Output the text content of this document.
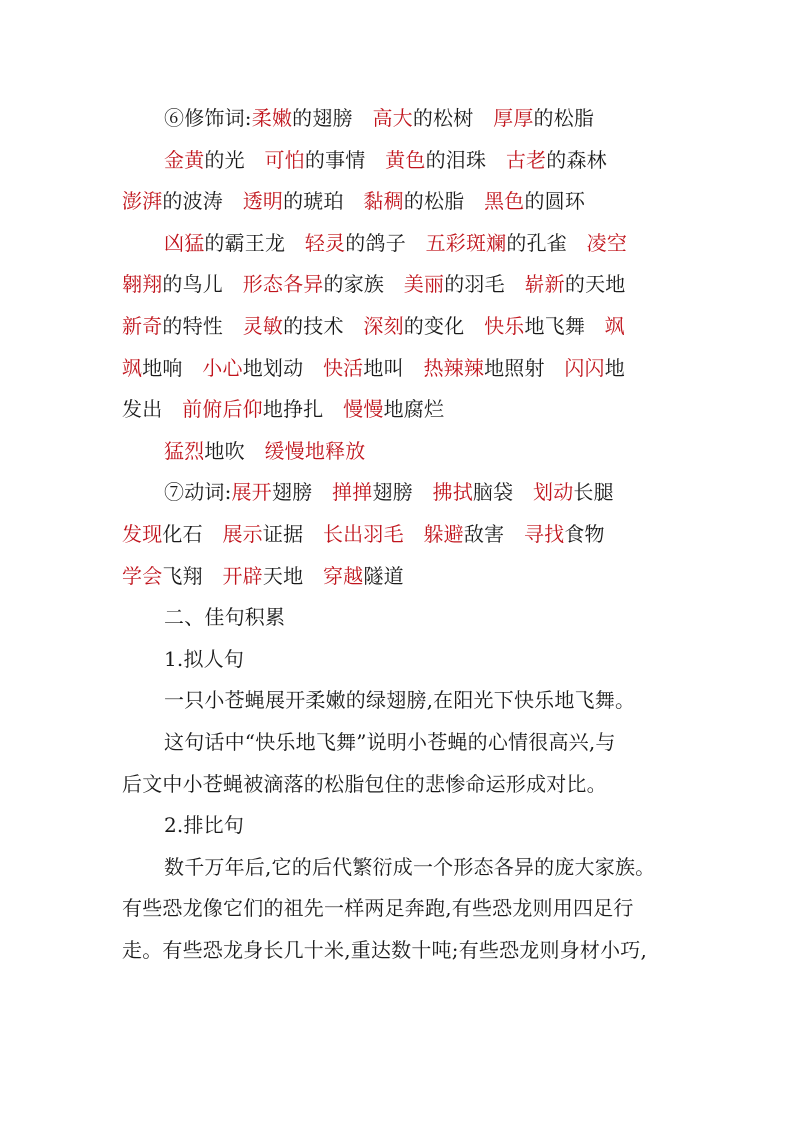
⑥修饰词:柔嫩的翅膀   高大的松树   厚厚的松脂
金黄的光   可怕的事情   黄色的泪珠   古老的森林
澎湃的波涛   透明的琥珀   黏稠的松脂   黑色的圆环
凶猛的霸王龙   轻灵的鸽子   五彩斑斓的孔雀   凌空
翱翔的鸟儿   形态各异的家族   美丽的羽毛   崭新的天地
新奇的特性   灵敏的技术   深刻的变化   快乐地飞舞   飒
飒地响   小心地划动   快活地叫   热辣辣地照射   闪闪地
发出   前俯后仰地挣扎   慢慢地腐烂
猛烈地吹   缓慢地释放
⑦动词:展开翅膀   掸掸翅膀   拂拭脑袋   划动长腿
发现化石   展示证据   长出羽毛 躲避敌害   寻找食物
学会飞翔   开辟天地   穿越隧道
二、佳句积累
1.拟人句
一只小苍蝇展开柔嫩的绿翅膀,在阳光下快乐地飞舞。
这句话中“快乐地飞舞”说明小苍蝇的心情很高兴,与
后文中小苍蝇被滴落的松脂包住的悲惨命运形成对比。
2.排比句
数千万年后,它的后代繁衍成一个形态各异的庞大家族。
有些恐龙像它们的祖先一样两足奔跑,有些恐龙则用四足行
走。有些恐龙身长几十米,重达数十吨;有些恐龙则身材小巧,
